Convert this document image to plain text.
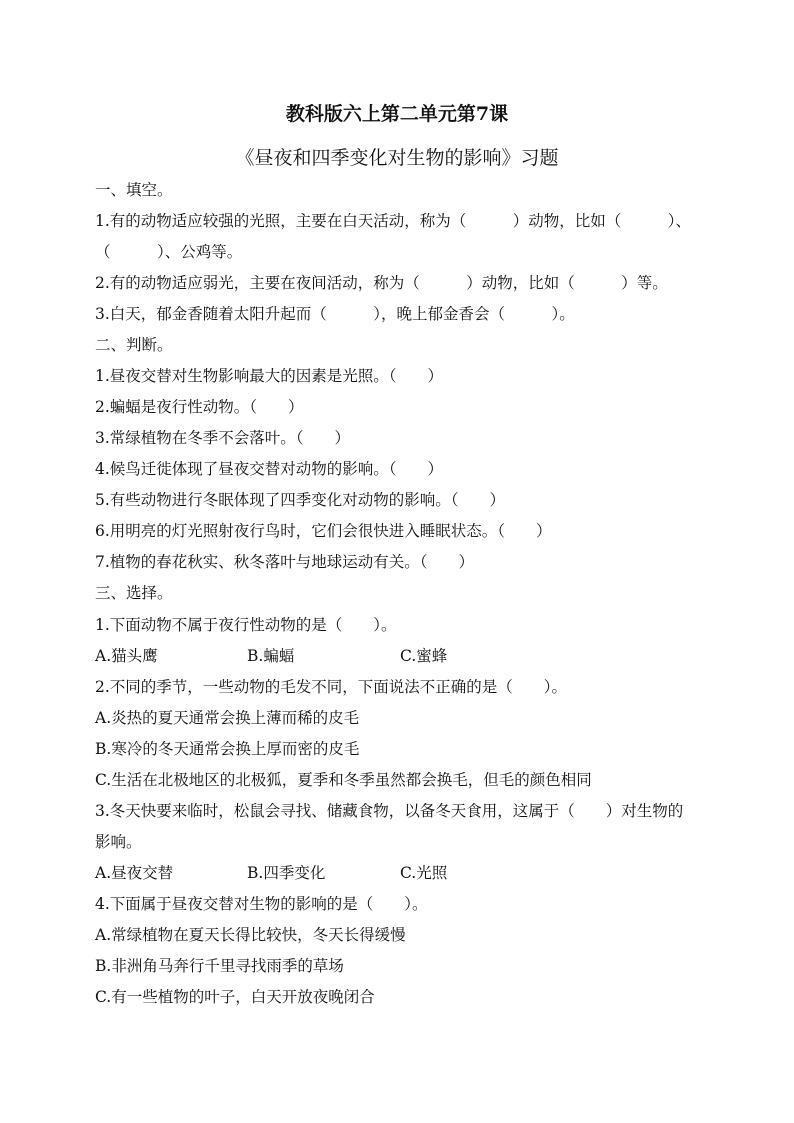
教科版六上第二单元第7课
《昼夜和四季变化对生物的影响》习题
一、填空。
1.有的动物适应较强的光照，主要在白天活动，称为（　　　）动物，比如（　　　）、
（　　　）、公鸡等。
2.有的动物适应弱光，主要在夜间活动，称为（　　　）动物，比如（　　　）等。
3.白天，郁金香随着太阳升起而（　　　），晚上郁金香会（　　　）。
二、判断。
1.昼夜交替对生物影响最大的因素是光照。（　　）
2.蝙蝠是夜行性动物。（　　）
3.常绿植物在冬季不会落叶。（　　）
4.候鸟迁徙体现了昼夜交替对动物的影响。（　　）
5.有些动物进行冬眠体现了四季变化对动物的影响。（　　）
6.用明亮的灯光照射夜行鸟时，它们会很快进入睡眠状态。（　　）
7.植物的春花秋实、秋冬落叶与地球运动有关。（　　）
三、选择。
1.下面动物不属于夜行性动物的是（　　）。
A.猫头鹰	B.蝙蝠	C.蜜蜂
2.不同的季节，一些动物的毛发不同，下面说法不正确的是（　　）。
A.炎热的夏天通常会换上薄而稀的皮毛
B.寒冷的冬天通常会换上厚而密的皮毛
C.生活在北极地区的北极狐，夏季和冬季虽然都会换毛，但毛的颜色相同
3.冬天快要来临时，松鼠会寻找、储藏食物，以备冬天食用，这属于（　　）对生物的
影响。
A.昼夜交替	B.四季变化	C.光照
4.下面属于昼夜交替对生物的影响的是（　　）。
A.常绿植物在夏天长得比较快，冬天长得缓慢
B.非洲角马奔行千里寻找雨季的草场
C.有一些植物的叶子，白天开放夜晚闭合
